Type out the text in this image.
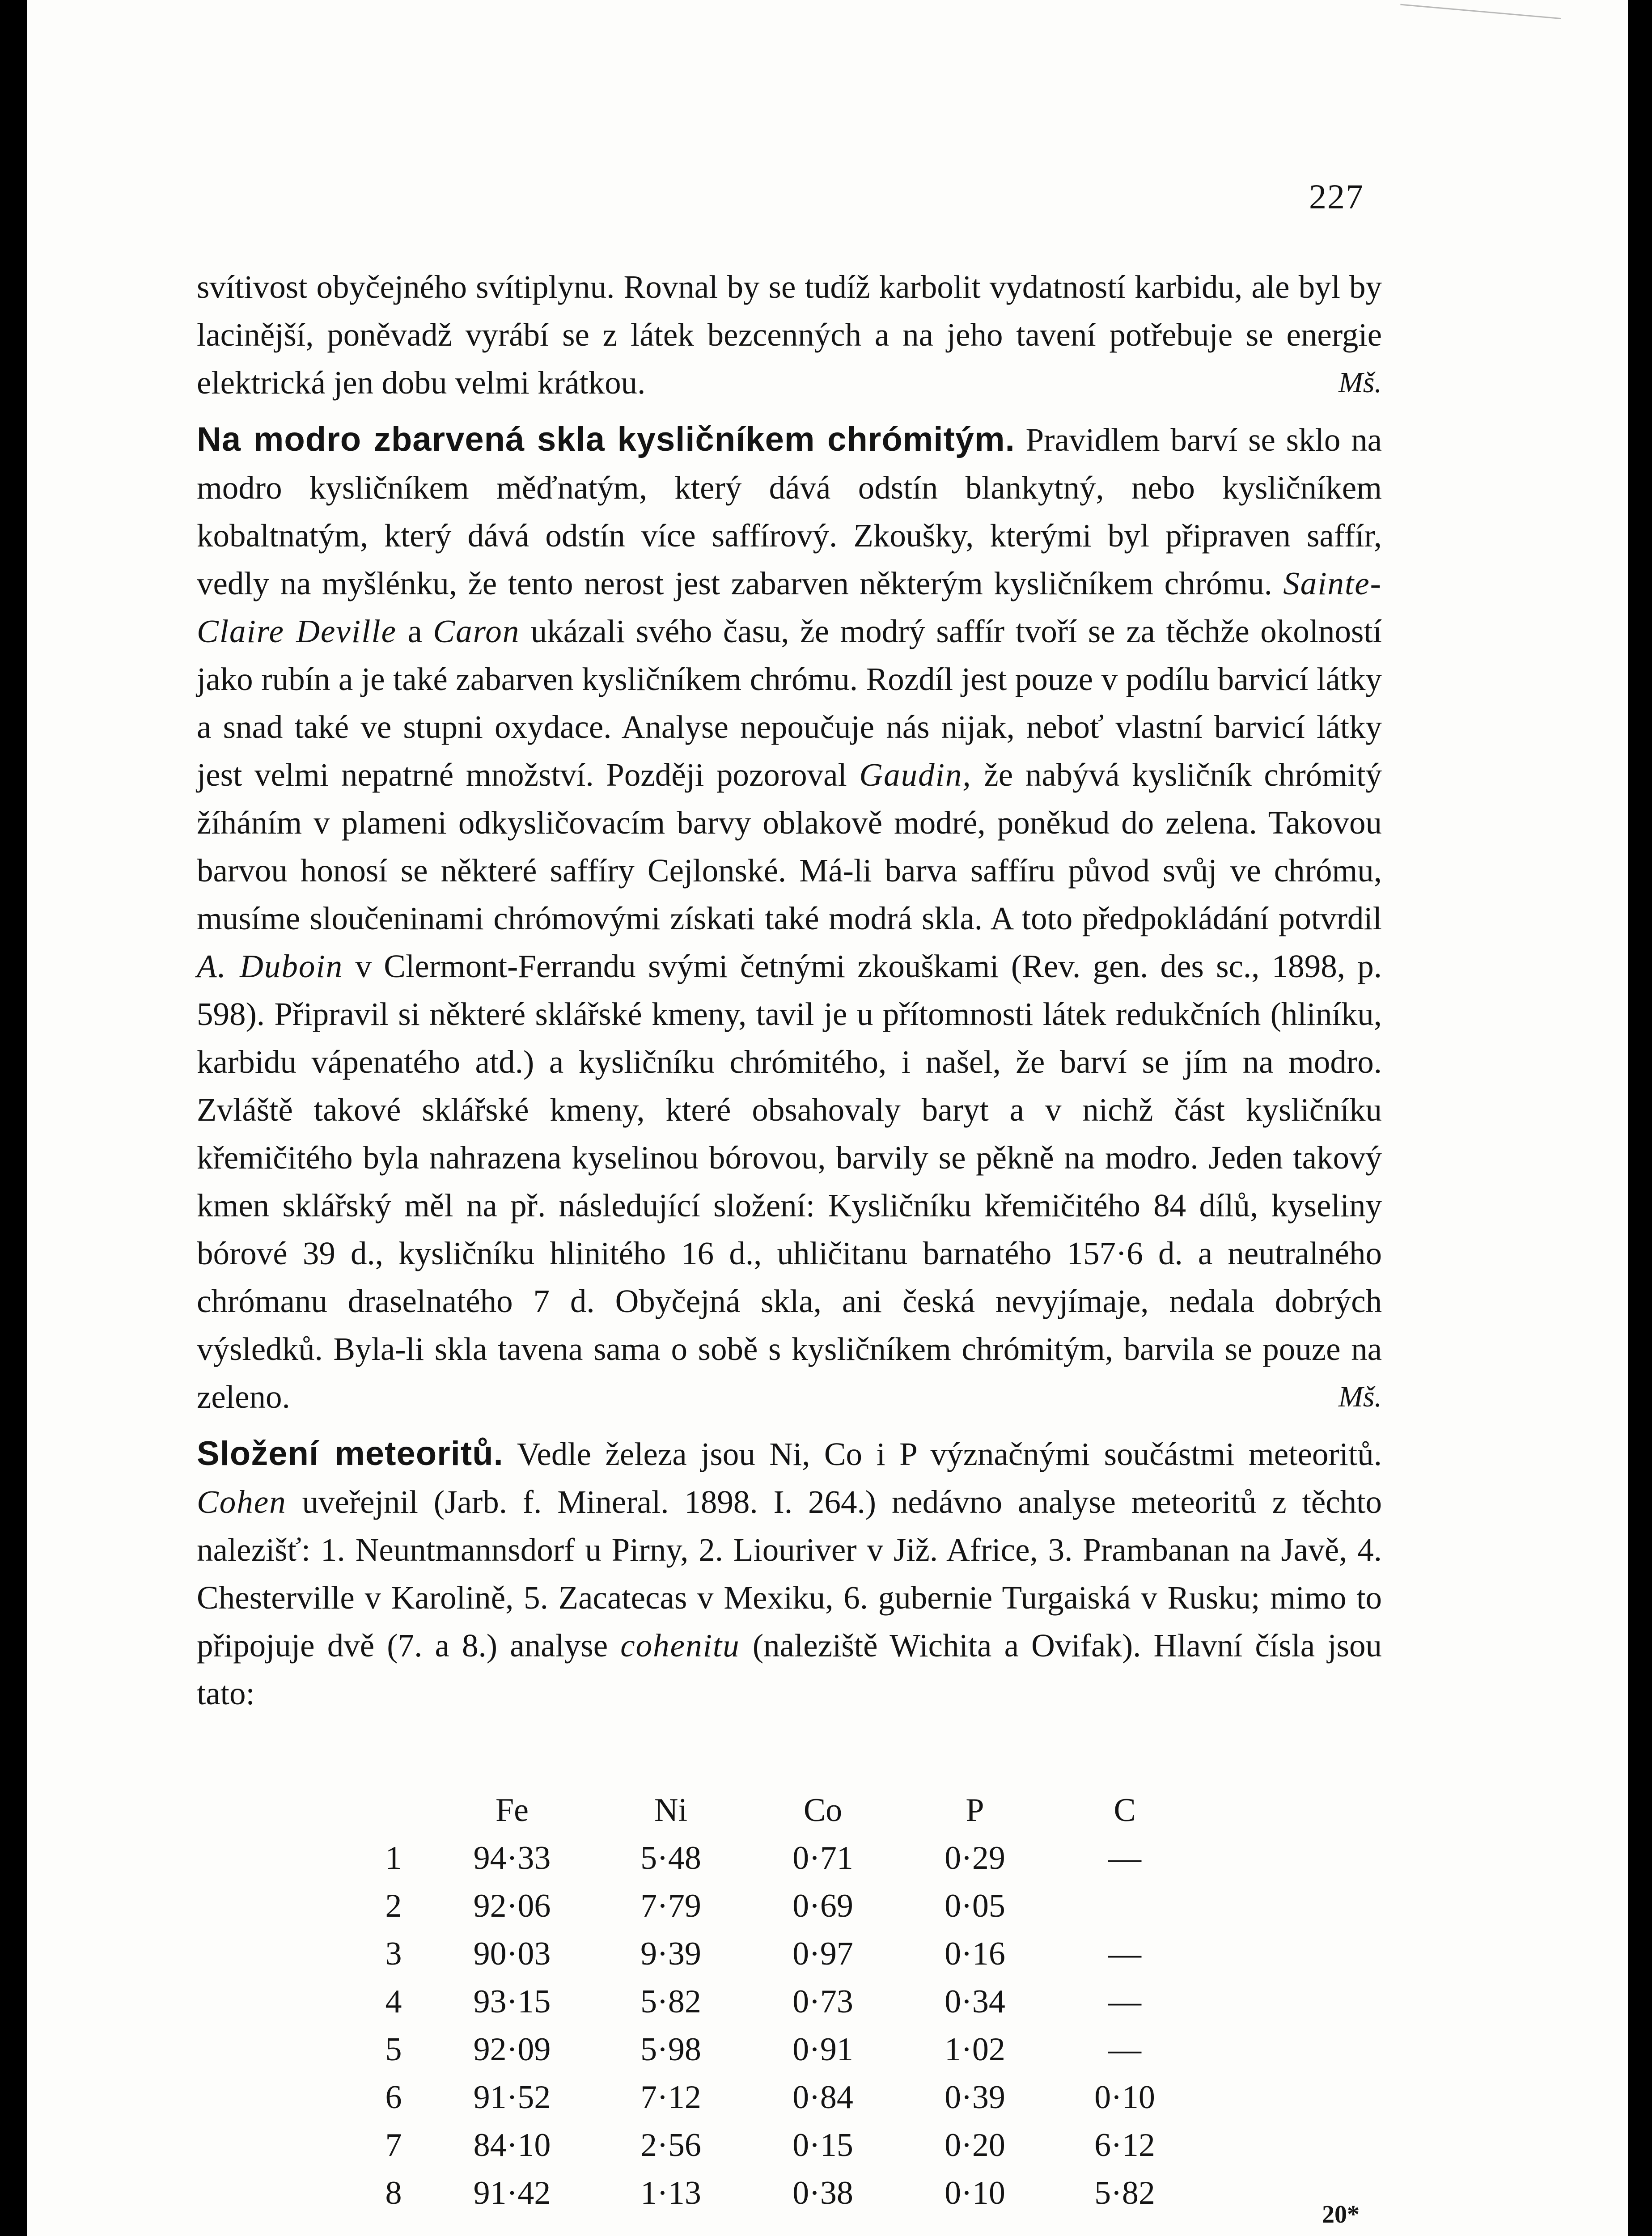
227

svítivost obyčejného svítiplynu. Rovnal by se tudíž karbolit vydatností karbidu, ale byl by lacinější, poněvadž vyrábí se z látek bezcenných a na jeho tavení potřebuje se energie elektrická jen dobu velmi krátkou.	Mš.

Na modro zbarvená skla kysličníkem chrómitým. Pravidlem barví se sklo na modro kysličníkem měďnatým, který dává odstín blankytný, nebo kysličníkem kobaltnatým, který dává odstín více saffírový. Zkoušky, kterými byl připraven saffír, vedly na myšlénku, že tento nerost jest zabarven některým kysličníkem chrómu. Sainte-Claire Deville a Caron ukázali svého času, že modrý saffír tvoří se za těchže okolností jako rubín a je také zabarven kysličníkem chrómu. Rozdíl jest pouze v podílu barvicí látky a snad také ve stupni oxydace. Analyse nepoučuje nás nijak, neboť vlastní barvicí látky jest velmi nepatrné množství. Později pozoroval Gaudin, že nabývá kysličník chrómitý žíháním v plameni odkysličovacím barvy oblakově modré, poněkud do zelena. Takovou barvou honosí se některé saffíry Cejlonské. Má-li barva saffíru původ svůj ve chrómu, musíme sloučeninami chrómovými získati také modrá skla. A toto předpokládání potvrdil A. Duboin v Clermont-Ferrandu svými četnými zkouškami (Rev. gen. des sc., 1898, p. 598). Připravil si některé sklářské kmeny, tavil je u přítomnosti látek redukčních (hliníku, karbidu vápenatého atd.) a kysličníku chrómitého, i našel, že barví se jím na modro. Zvláště takové sklářské kmeny, které obsahovaly baryt a v nichž část kysličníku křemičitého byla nahrazena kyselinou bórovou, barvily se pěkně na modro. Jeden takový kmen sklářský měl na př. následující složení: Kysličníku křemičitého 84 dílů, kyseliny bórové 39 d., kysličníku hlinitého 16 d., uhličitanu barnatého 157·6 d. a neutralného chrómanu draselnatého 7 d. Obyčejná skla, ani česká nevyjímaje, nedala dobrých výsledků. Byla-li skla tavena sama o sobě s kysličníkem chrómitým, barvila se pouze na zeleno.	Mš.

Složení meteoritů. Vedle železa jsou Ni, Co i P význačnými součástmi meteoritů. Cohen uveřejnil (Jarb. f. Mineral. 1898. I. 264.) nedávno analyse meteoritů z těchto nalezišť: 1. Neuntmannsdorf u Pirny, 2. Liouriver v Již. Africe, 3. Prambanan na Javě, 4. Chesterville v Karolině, 5. Zacatecas v Mexiku, 6. gubernie Turgaiská v Rusku; mimo to připojuje dvě (7. a 8.) analyse cohenitu (naleziště Wichita a Ovifak). Hlavní čísla jsou tato:

	Fe	Ni	Co	P	C
1	94·33	5·48	0·71	0·29	—
2	92·06	7·79	0·69	0·05	
3	90·03	9·39	0·97	0·16	—
4	93·15	5·82	0·73	0·34	—
5	92·09	5·98	0·91	1·02	—
6	91·52	7·12	0·84	0·39	0·10
7	84·10	2·56	0·15	0·20	6·12
8	91·42	1·13	0·38	0·10	5·82
20*
